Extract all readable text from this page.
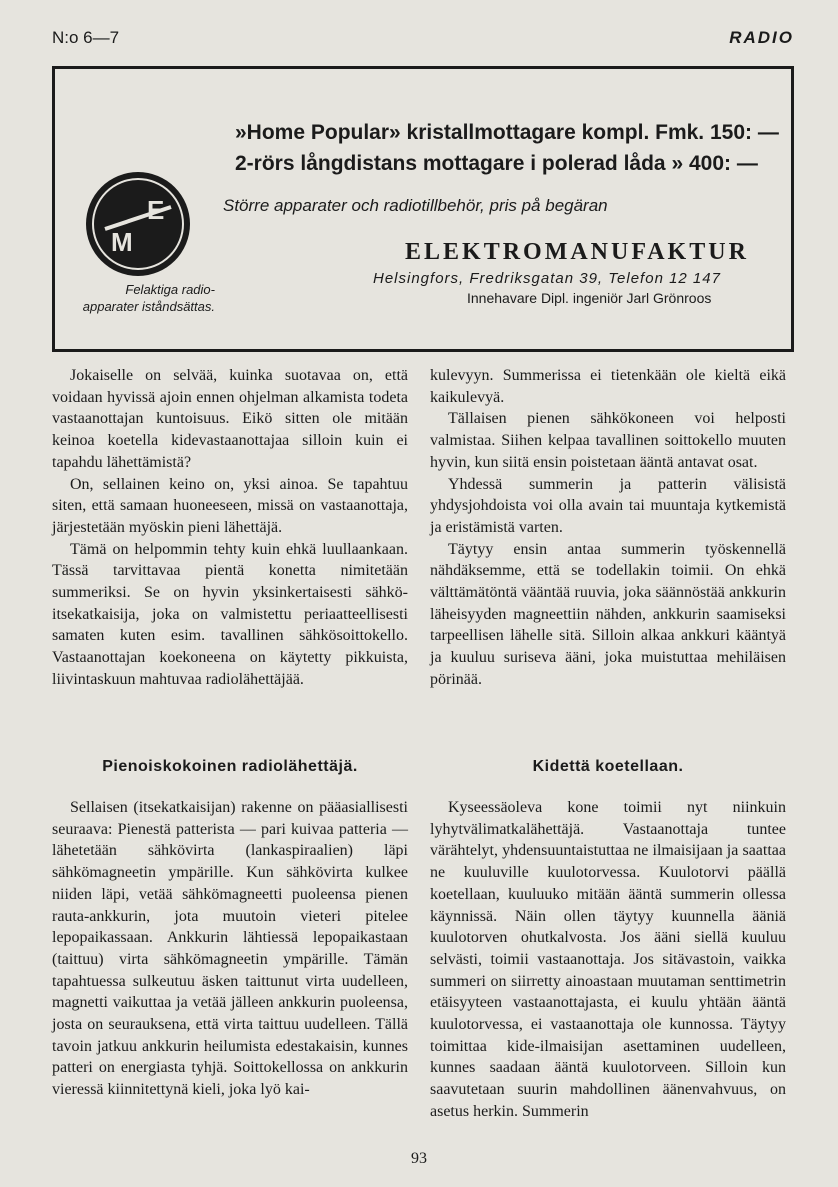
N:o 6—7	RADIO
»Home Popular» kristallmottagare kompl. Fmk. 150: —
2-rörs långdistans mottagare i polerad låda » 400: —
E
M
Större apparater och radiotillbehör, pris på begäran
ELEKTROMANUFAKTUR
Helsingfors, Fredriksgatan 39, Telefon 12 147
Innehavare Dipl. ingeniör Jarl Grönroos
Felaktiga radio-apparater iståndsättas.

Jokaiselle on selvää, kuinka suotavaa on, että voidaan hyvissä ajoin ennen ohjelman alkamista todeta vastaanottajan kuntoisuus. Eikö sitten ole mitään keinoa koetella kidevastaanottajaa silloin kuin ei tapahdu lähettämistä?

On, sellainen keino on, yksi ainoa. Se tapahtuu siten, että samaan huoneeseen, missä on vastaanottaja, järjestetään myöskin pieni lähettäjä.

Tämä on helpommin tehty kuin ehkä luullaankaan. Tässä tarvittavaa pientä konetta nimitetään summeriksi. Se on hyvin yksinkertaisesti sähkö-itsekatkaisija, joka on valmistettu periaatteellisesti samaten kuten esim. tavallinen sähkösoittokello. Vastaanottajan koekoneena on käytetty pikkuista, liivintaskuun mahtuvaa radiolähettäjää.

Pienoiskokoinen radiolähettäjä.

Sellaisen (itsekatkaisijan) rakenne on pääasiallisesti seuraava: Pienestä patterista — pari kuivaa patteria — lähetetään sähkövirta (lankaspiraalien) läpi sähkömagneetin ympärille. Kun sähkövirta kulkee niiden läpi, vetää sähkömagneetti puoleensa pienen rauta-ankkurin, jota muutoin vieteri pitelee lepopaikassaan. Ankkurin lähtiessä lepopaikastaan (taittuu) virta sähkömagneetin ympärille. Tämän tapahtuessa sulkeutuu äsken taittunut virta uudelleen, magnetti vaikuttaa ja vetää jälleen ankkurin puoleensa, josta on seurauksena, että virta taittuu uudelleen. Tällä tavoin jatkuu ankkurin heilumista edestakaisin, kunnes patteri on energiasta tyhjä. Soittokellossa on ankkurin vieressä kiinnitettynä kieli, joka lyö kai-

kulevyyn. Summerissa ei tietenkään ole kieltä eikä kaikulevyä.

Tällaisen pienen sähkökoneen voi helposti valmistaa. Siihen kelpaa tavallinen soittokello muuten hyvin, kun siitä ensin poistetaan ääntä antavat osat.

Yhdessä summerin ja patterin välisistä yhdysjohdoista voi olla avain tai muuntaja kytkemistä ja eristämistä varten.

Täytyy ensin antaa summerin työskennellä nähdäksemme, että se todellakin toimii. On ehkä välttämätöntä vääntää ruuvia, joka säännöstää ankkurin läheisyyden magneettiin nähden, ankkurin saamiseksi tarpeellisen lähelle sitä. Silloin alkaa ankkuri kääntyä ja kuuluu suriseva ääni, joka muistuttaa mehiläisen pörinää.

Kidettä koetellaan.

Kyseessäoleva kone toimii nyt niinkuin lyhytvälimatkalähettäjä. Vastaanottaja tuntee värähtelyt, yhdensuuntaistuttaa ne ilmaisijaan ja saattaa ne kuuluville kuulotorvessa. Kuulotorvi päällä koetellaan, kuuluuko mitään ääntä summerin ollessa käynnissä. Näin ollen täytyy kuunnella ääniä kuulotorven ohutkalvosta. Jos ääni siellä kuuluu selvästi, toimii vastaanottaja. Jos sitävastoin, vaikka summeri on siirretty ainoastaan muutaman senttimetrin etäisyyteen vastaanottajasta, ei kuulu yhtään ääntä kuulotorvessa, ei vastaanottaja ole kunnossa. Täytyy toimittaa kide-ilmaisijan asettaminen uudelleen, kunnes saadaan ääntä kuulotorveen. Silloin kun saavutetaan suurin mahdollinen äänenvahvuus, on asetus herkin. Summerin

93
